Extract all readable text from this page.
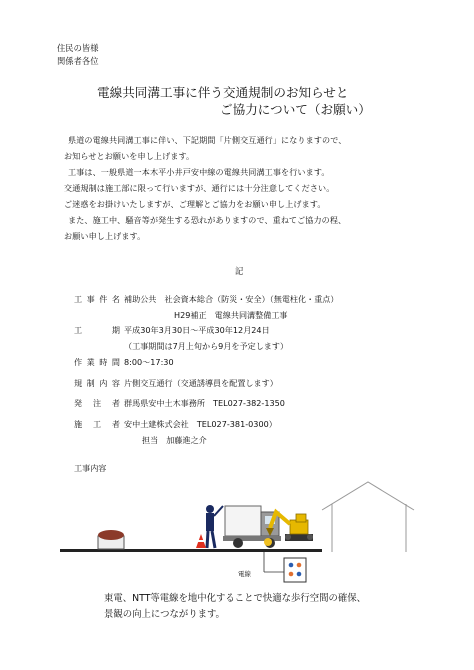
住民の皆様
関係者各位
電線共同溝工事に伴う交通規制のお知らせと
ご協力について（お願い）
県道の電線共同溝工事に伴い、下記期間「片側交互通行」になりますので、
お知らせとお願いを申し上げます。
工事は、一般県道一本木平小井戸安中線の電線共同溝工事を行います。
交通規制は施工部に限って行いますが、通行には十分注意してください。
ご迷惑をお掛けいたしますが、ご理解とご協力をお願い申し上げます。
また、施工中、騒音等が発生する恐れがありますので、重ねてご協力の程、
お願い申し上げます。
記
工事件名 補助公共　社会資本総合（防災・安全）（無電柱化・重点）
H29補正　電線共同溝整備工事
工　　期 平成30年3月30日～平成30年12月24日
（工事期間は7月上旬から9月を予定します）
作業時間 8:00～17:30
規制内容 片側交互通行（交通誘導員を配置します）
発　注　者 群馬県安中土木事務所　TEL027-382-1350
施　工　者 安中土建株式会社　TEL027-381-0300）
担当　加藤進之介
工事内容
電線
東電、NTT等電線を地中化することで快適な歩行空間の確保、
景観の向上につながります。
